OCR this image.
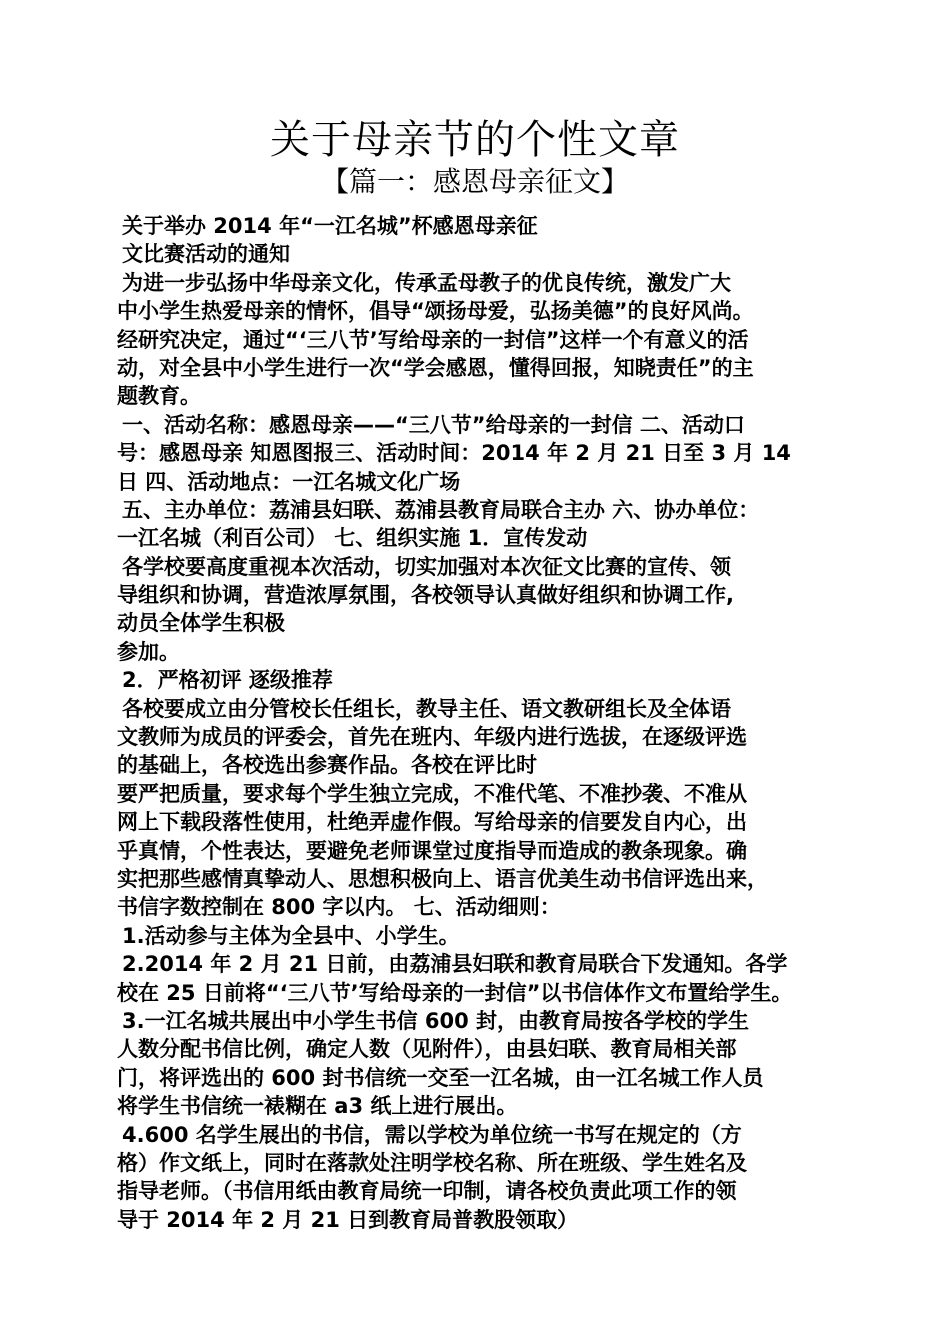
关于母亲节的个性文章
【篇一：感恩母亲征文】
关于举办 2014 年“一江名城”杯感恩母亲征
文比赛活动的通知
为进一步弘扬中华母亲文化，传承孟母教子的优良传统，激发广大
中小学生热爱母亲的情怀，倡导“颂扬母爱，弘扬美德”的良好风尚。
经研究决定，通过“‘三八节’写给母亲的一封信”这样一个有意义的活
动，对全县中小学生进行一次“学会感恩，懂得回报，知晓责任”的主
题教育。
一、活动名称：感恩母亲——“三八节”给母亲的一封信 二、活动口
号：感恩母亲 知恩图报三、活动时间：2014 年 2 月 21 日至 3 月 14
日 四、活动地点：一江名城文化广场
五、主办单位：荔浦县妇联、荔浦县教育局联合主办 六、协办单位：
一江名城（利百公司） 七、组织实施 1．宣传发动
各学校要高度重视本次活动，切实加强对本次征文比赛的宣传、领
导组织和协调，营造浓厚氛围，各校领导认真做好组织和协调工作,
动员全体学生积极
参加。
2．严格初评 逐级推荐
各校要成立由分管校长任组长，教导主任、语文教研组长及全体语
文教师为成员的评委会，首先在班内、年级内进行选拔，在逐级评选
的基础上，各校选出参赛作品。各校在评比时
要严把质量，要求每个学生独立完成，不准代笔、不准抄袭、不准从
网上下载段落性使用，杜绝弄虚作假。写给母亲的信要发自内心，出
乎真情，个性表达，要避免老师课堂过度指导而造成的教条现象。确
实把那些感情真挚动人、思想积极向上、语言优美生动书信评选出来，
书信字数控制在 800 字以内。 七、活动细则：
1.活动参与主体为全县中、小学生。
2.2014 年 2 月 21 日前，由荔浦县妇联和教育局联合下发通知。各学
校在 25 日前将“‘三八节’写给母亲的一封信”以书信体作文布置给学生。
3.一江名城共展出中小学生书信 600 封，由教育局按各学校的学生
人数分配书信比例，确定人数（见附件），由县妇联、教育局相关部
门，将评选出的 600 封书信统一交至一江名城，由一江名城工作人员
将学生书信统一裱糊在 a3 纸上进行展出。
4.600 名学生展出的书信，需以学校为单位统一书写在规定的（方
格）作文纸上，同时在落款处注明学校名称、所在班级、学生姓名及
指导老师。（书信用纸由教育局统一印制，请各校负责此项工作的领
导于 2014 年 2 月 21 日到教育局普教股领取）
